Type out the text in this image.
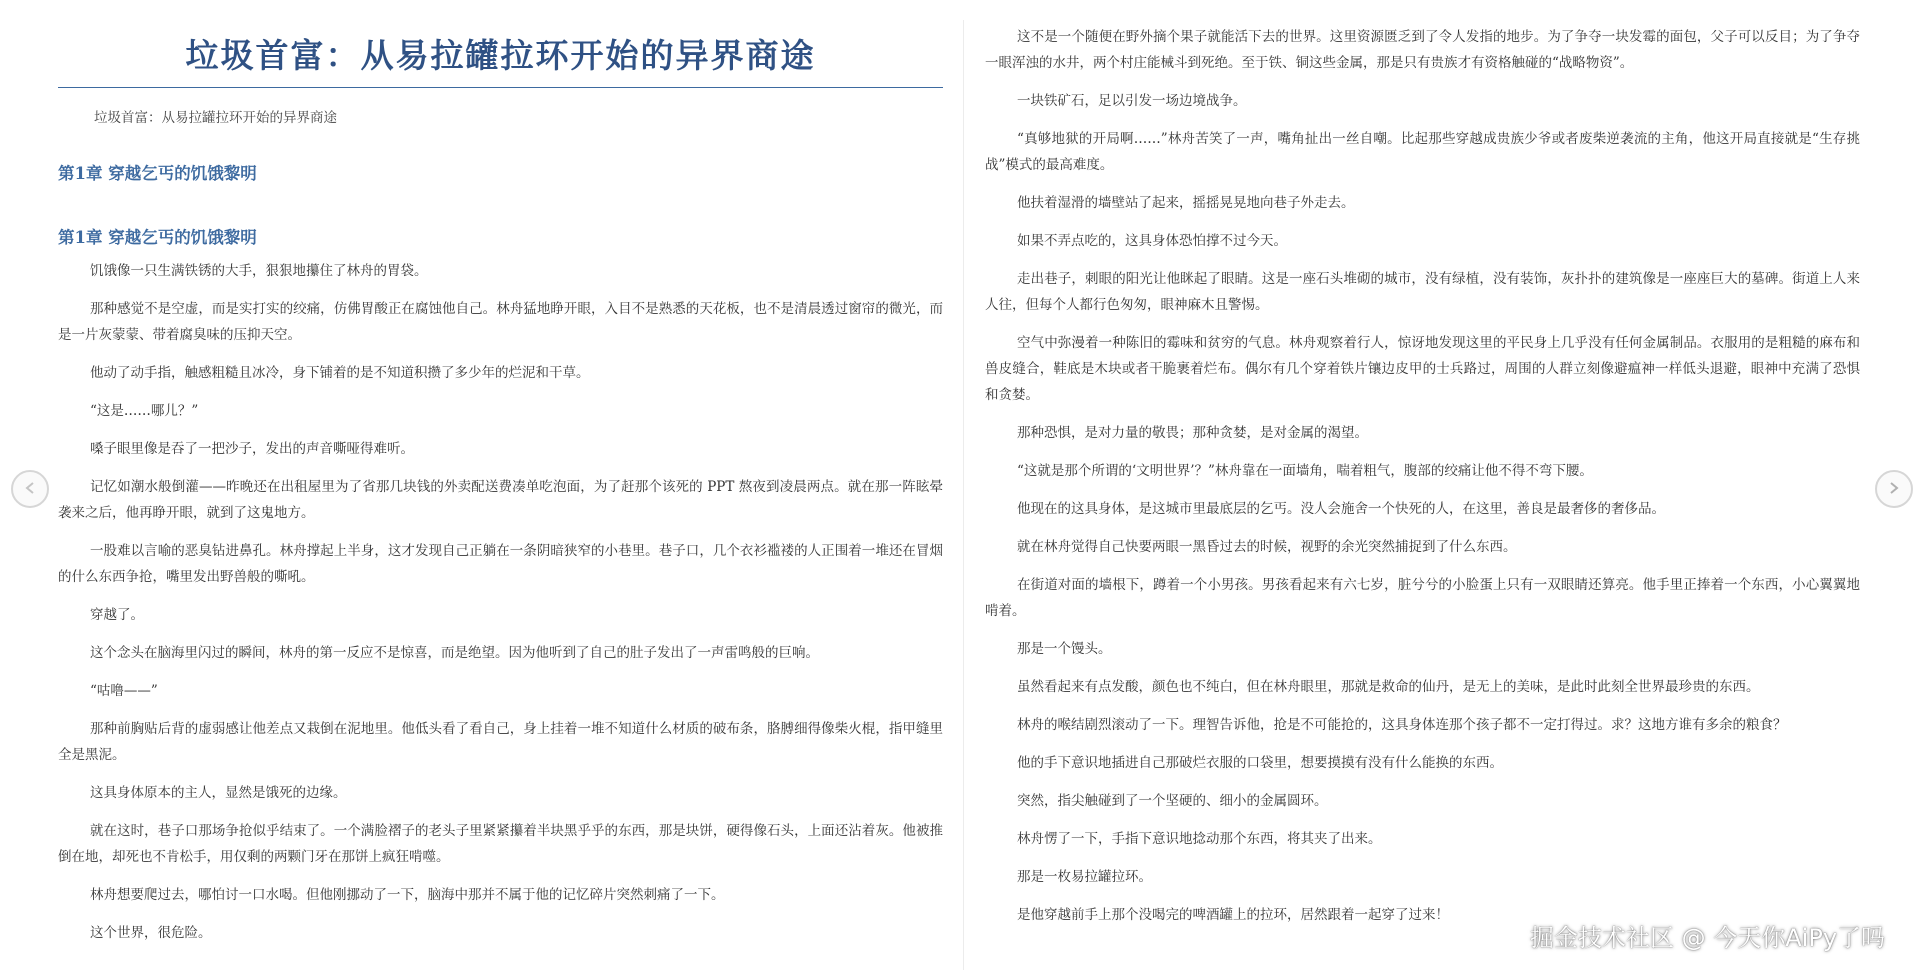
垃圾首富：从易拉罐拉环开始的异界商途

垃圾首富：从易拉罐拉环开始的异界商途

第1章 穿越乞丐的饥饿黎明
第1章 穿越乞丐的饥饿黎明

饥饿像一只生满铁锈的大手，狠狠地攥住了林舟的胃袋。

那种感觉不是空虚，而是实打实的绞痛，仿佛胃酸正在腐蚀他自己。林舟猛地睁开眼，入目不是熟悉的天花板，也不是清晨透过窗帘的微光，而是一片灰蒙蒙、带着腐臭味的压抑天空。

他动了动手指，触感粗糙且冰冷，身下铺着的是不知道积攒了多少年的烂泥和干草。

“这是……哪儿？”

嗓子眼里像是吞了一把沙子，发出的声音嘶哑得难听。

记忆如潮水般倒灌——昨晚还在出租屋里为了省那几块钱的外卖配送费凑单吃泡面，为了赶那个该死的 PPT 熬夜到凌晨两点。就在那一阵眩晕袭来之后，他再睁开眼，就到了这鬼地方。

一股难以言喻的恶臭钻进鼻孔。林舟撑起上半身，这才发现自己正躺在一条阴暗狭窄的小巷里。巷子口，几个衣衫褴褛的人正围着一堆还在冒烟的什么东西争抢，嘴里发出野兽般的嘶吼。

穿越了。

这个念头在脑海里闪过的瞬间，林舟的第一反应不是惊喜，而是绝望。因为他听到了自己的肚子发出了一声雷鸣般的巨响。

“咕噜——”

那种前胸贴后背的虚弱感让他差点又栽倒在泥地里。他低头看了看自己，身上挂着一堆不知道什么材质的破布条，胳膊细得像柴火棍，指甲缝里全是黑泥。

这具身体原本的主人，显然是饿死的边缘。

就在这时，巷子口那场争抢似乎结束了。一个满脸褶子的老头子里紧紧攥着半块黑乎乎的东西，那是块饼，硬得像石头，上面还沾着灰。他被推倒在地，却死也不肯松手，用仅剩的两颗门牙在那饼上疯狂啃噬。

林舟想要爬过去，哪怕讨一口水喝。但他刚挪动了一下，脑海中那并不属于他的记忆碎片突然刺痛了一下。

这个世界，很危险。

这不是一个随便在野外摘个果子就能活下去的世界。这里资源匮乏到了令人发指的地步。为了争夺一块发霉的面包，父子可以反目；为了争夺一眼浑浊的水井，两个村庄能械斗到死绝。至于铁、铜这些金属，那是只有贵族才有资格触碰的“战略物资”。

一块铁矿石，足以引发一场边境战争。

“真够地狱的开局啊……”林舟苦笑了一声，嘴角扯出一丝自嘲。比起那些穿越成贵族少爷或者废柴逆袭流的主角，他这开局直接就是“生存挑战”模式的最高难度。

他扶着湿滑的墙壁站了起来，摇摇晃晃地向巷子外走去。

如果不弄点吃的，这具身体恐怕撑不过今天。

走出巷子，刺眼的阳光让他眯起了眼睛。这是一座石头堆砌的城市，没有绿植，没有装饰，灰扑扑的建筑像是一座座巨大的墓碑。街道上人来人往，但每个人都行色匆匆，眼神麻木且警惕。

空气中弥漫着一种陈旧的霉味和贫穷的气息。林舟观察着行人，惊讶地发现这里的平民身上几乎没有任何金属制品。衣服用的是粗糙的麻布和兽皮缝合，鞋底是木块或者干脆裹着烂布。偶尔有几个穿着铁片镶边皮甲的士兵路过，周围的人群立刻像避瘟神一样低头退避，眼神中充满了恐惧和贪婪。

那种恐惧，是对力量的敬畏；那种贪婪，是对金属的渴望。

“这就是那个所谓的‘文明世界’？”林舟靠在一面墙角，喘着粗气，腹部的绞痛让他不得不弯下腰。

他现在的这具身体，是这城市里最底层的乞丐。没人会施舍一个快死的人，在这里，善良是最奢侈的奢侈品。

就在林舟觉得自己快要两眼一黑昏过去的时候，视野的余光突然捕捉到了什么东西。

在街道对面的墙根下，蹲着一个小男孩。男孩看起来有六七岁，脏兮兮的小脸蛋上只有一双眼睛还算亮。他手里正捧着一个东西，小心翼翼地啃着。

那是一个馒头。

虽然看起来有点发酸，颜色也不纯白，但在林舟眼里，那就是救命的仙丹，是无上的美味，是此时此刻全世界最珍贵的东西。

林舟的喉结剧烈滚动了一下。理智告诉他，抢是不可能抢的，这具身体连那个孩子都不一定打得过。求？这地方谁有多余的粮食？

他的手下意识地插进自己那破烂衣服的口袋里，想要摸摸有没有什么能换的东西。

突然，指尖触碰到了一个坚硬的、细小的金属圆环。

林舟愣了一下，手指下意识地捻动那个东西，将其夹了出来。

那是一枚易拉罐拉环。

是他穿越前手上那个没喝完的啤酒罐上的拉环，居然跟着一起穿了过来！

掘金技术社区 @ 今天你AiPy了吗
